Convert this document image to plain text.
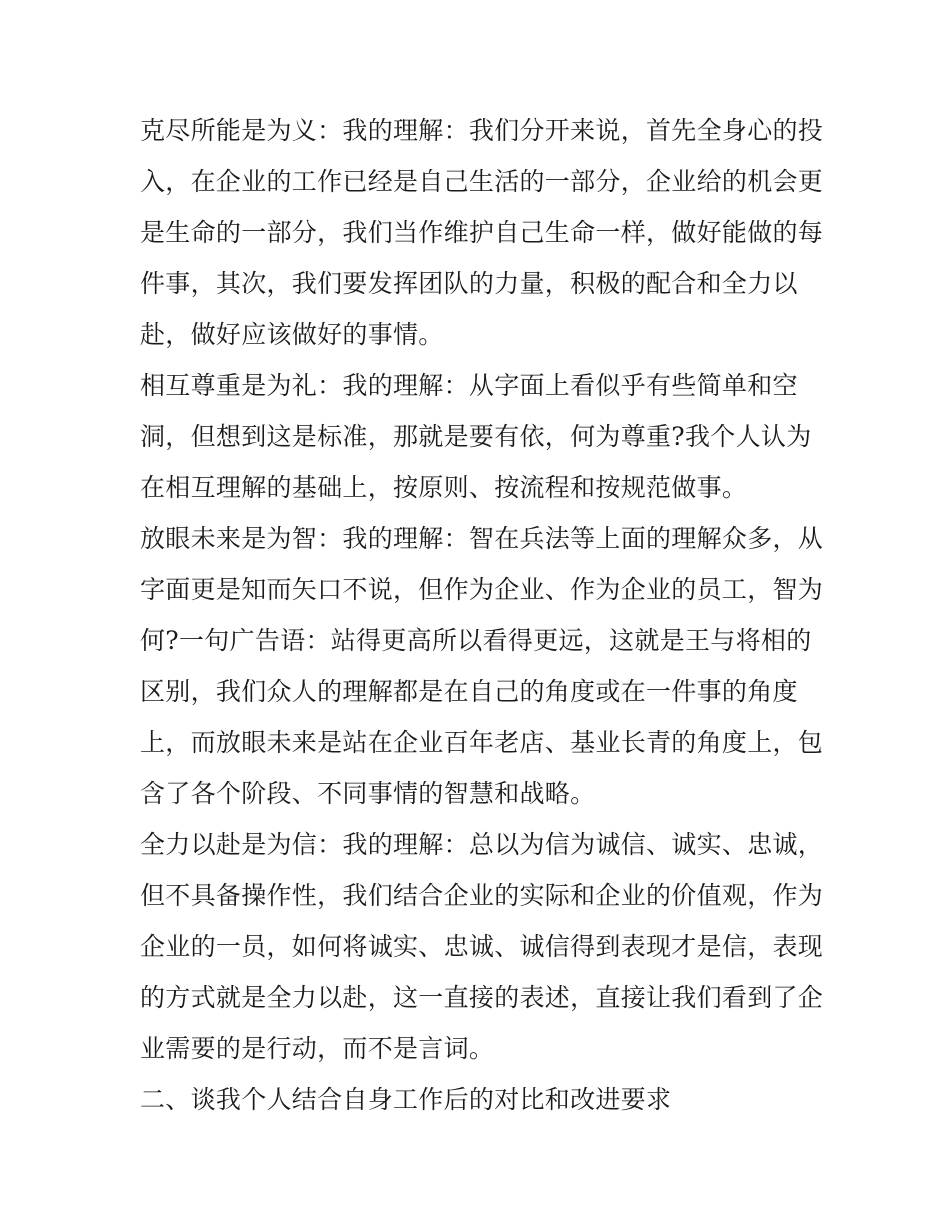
克尽所能是为义：我的理解：我们分开来说，首先全身心的投
入，在企业的工作已经是自己生活的一部分，企业给的机会更
是生命的一部分，我们当作维护自己生命一样，做好能做的每
件事，其次，我们要发挥团队的力量，积极的配合和全力以
赴，做好应该做好的事情。
相互尊重是为礼：我的理解：从字面上看似乎有些简单和空
洞，但想到这是标准，那就是要有依，何为尊重?我个人认为
在相互理解的基础上，按原则、按流程和按规范做事。
放眼未来是为智：我的理解：智在兵法等上面的理解众多，从
字面更是知而矢口不说，但作为企业、作为企业的员工，智为
何?一句广告语：站得更高所以看得更远，这就是王与将相的
区别，我们众人的理解都是在自己的角度或在一件事的角度
上，而放眼未来是站在企业百年老店、基业长青的角度上，包
含了各个阶段、不同事情的智慧和战略。
全力以赴是为信：我的理解：总以为信为诚信、诚实、忠诚，
但不具备操作性，我们结合企业的实际和企业的价值观，作为
企业的一员，如何将诚实、忠诚、诚信得到表现才是信，表现
的方式就是全力以赴，这一直接的表述，直接让我们看到了企
业需要的是行动，而不是言词。
二、谈我个人结合自身工作后的对比和改进要求
